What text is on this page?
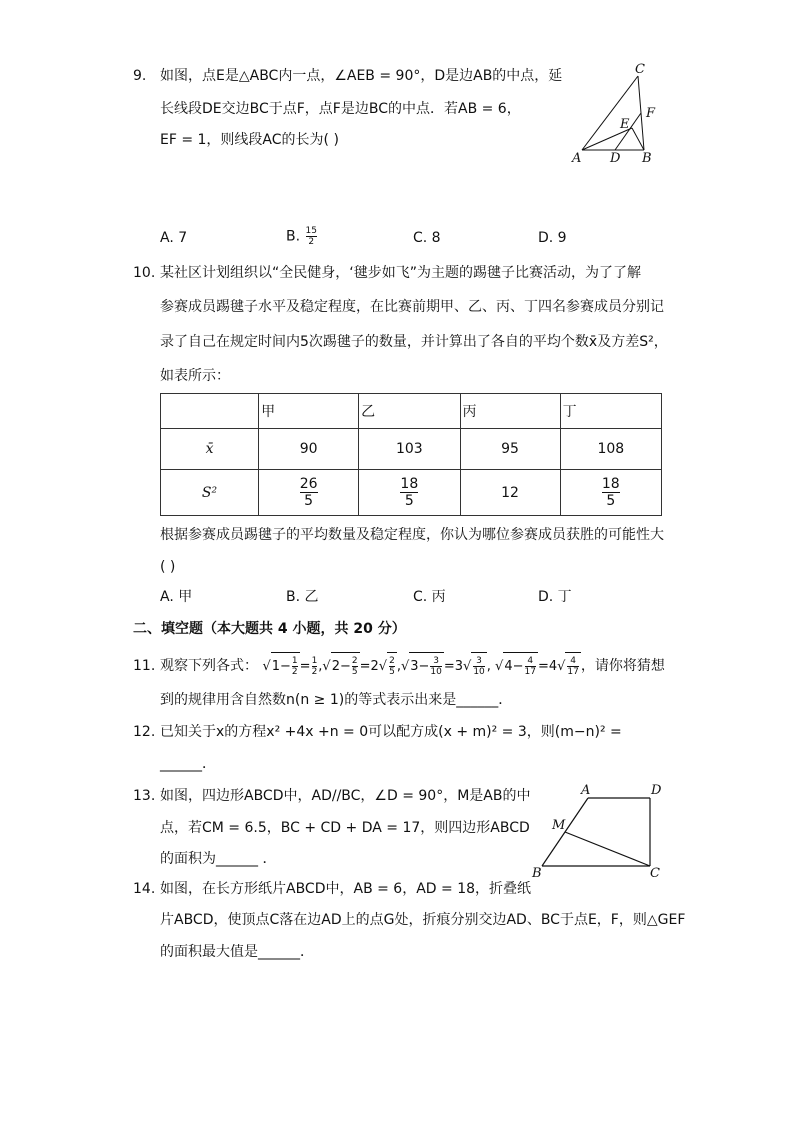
9. 如图，点E是△ABC内一点，∠AEB = 90°，D是边AB的中点，延
长线段DE交边BC于点F，点F是边BC的中点．若AB = 6，
EF = 1，则线段AC的长为( )
C
F
E
A D B
A. 7	B. $\frac{15}{2}$	C. 8	D. 9
10. 某社区计划组织以“全民健身，‘毽步如飞”为主题的踢毽子比赛活动，为了了解
参赛成员踢毽子水平及稳定程度，在比赛前期甲、乙、丙、丁四名参赛成员分别记
录了自己在规定时间内5次踢毽子的数量，并计算出了各自的平均个数x̄及方差S²，
如表所示：
	甲	乙	丙	丁
x̄	90	103	95	108
S²	$\frac{26}{5}$	$\frac{18}{5}$	12	$\frac{18}{5}$
根据参赛成员踢毽子的平均数量及稳定程度，你认为哪位参赛成员获胜的可能性大
( )
A. 甲	B. 乙	C. 丙	D. 丁
二、填空题（本大题共 4 小题，共 20 分）
11. 观察下列各式： $√1- \frac{1}{2} = \frac{1}{2} ,√2- \frac{2}{5} =2√ \frac{2}{5} ,√3- \frac{3}{10} =3√ \frac{3}{10}$ , $√4- \frac{4}{17} =4√ \frac{4}{17}$ ，请你将猜想
到的规律用含自然数n(n ≥ 1)的等式表示出来是______．
12. 已知关于x的方程x² +4x +n = 0可以配方成(x + m)² = 3，则(m−n)² =
______．
13. 如图，四边形ABCD中，AD//BC，∠D = 90°，M是AB的中
点，若CM = 6.5，BC + CD + DA = 17，则四边形ABCD
的面积为______ ．
A	D
M
B	C
14. 如图，在长方形纸片ABCD中，AB = 6，AD = 18，折叠纸
片ABCD，使顶点C落在边AD上的点G处，折痕分别交边AD、BC于点E，F，则△GEF
的面积最大值是______．
